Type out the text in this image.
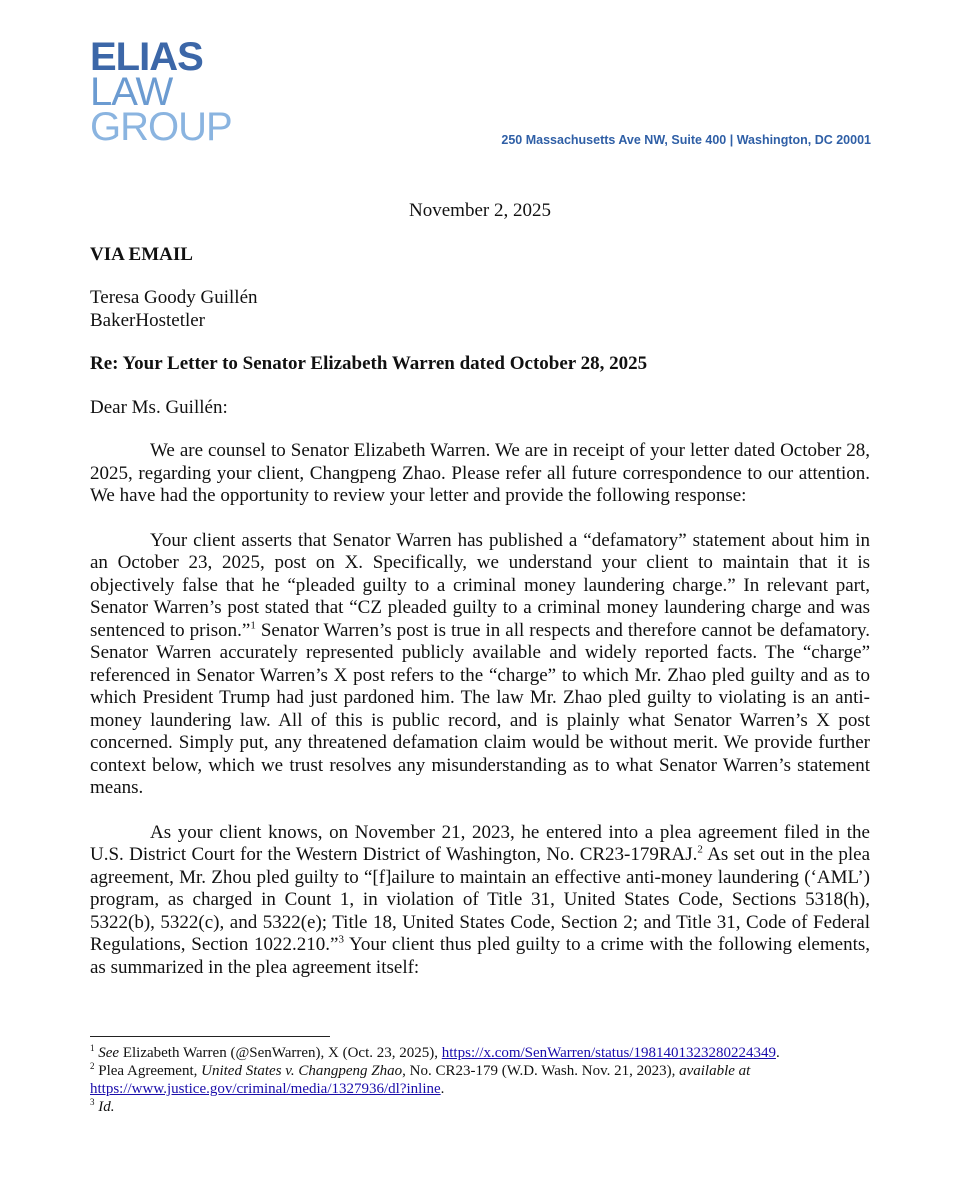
ELIAS
LAW
GROUP	250 Massachusetts Ave NW, Suite 400 | Washington, DC 20001

November 2, 2025

VIA EMAIL

Teresa Goody Guillén

BakerHostetler

Re: Your Letter to Senator Elizabeth Warren dated October 28, 2025

Dear Ms. Guillén:

We are counsel to Senator Elizabeth Warren. We are in receipt of your letter dated October 28, 2025, regarding your client, Changpeng Zhao. Please refer all future correspondence to our attention. We have had the opportunity to review your letter and provide the following response:

Your client asserts that Senator Warren has published a “defamatory” statement about him in an October 23, 2025, post on X. Specifically, we understand your client to maintain that it is objectively false that he “pleaded guilty to a criminal money laundering charge.” In relevant part, Senator Warren’s post stated that “CZ pleaded guilty to a criminal money laundering charge and was sentenced to prison.”$^1$ Senator Warren’s post is true in all respects and therefore cannot be defamatory. Senator Warren accurately represented publicly available and widely reported facts. The “charge” referenced in Senator Warren’s X post refers to the “charge” to which Mr. Zhao pled guilty and as to which President Trump had just pardoned him. The law Mr. Zhao pled guilty to violating is an anti-money laundering law. All of this is public record, and is plainly what Senator Warren’s X post concerned. Simply put, any threatened defamation claim would be without merit. We provide further context below, which we trust resolves any misunderstanding as to what Senator Warren’s statement means.

As your client knows, on November 21, 2023, he entered into a plea agreement filed in the U.S. District Court for the Western District of Washington, No. CR23-179RAJ.$^2$ As set out in the plea agreement, Mr. Zhou pled guilty to “[f]ailure to maintain an effective anti-money laundering (‘AML’) program, as charged in Count 1, in violation of Title 31, United States Code, Sections 5318(h), 5322(b), 5322(c), and 5322(e); Title 18, United States Code, Section 2; and Title 31, Code of Federal Regulations, Section 1022.210.”$^3$ Your client thus pled guilty to a crime with the following elements, as summarized in the plea agreement itself:

$^1$ See Elizabeth Warren (@SenWarren), X (Oct. 23, 2025), https://x.com/SenWarren/status/1981401323280224349.

$^2$ Plea Agreement, United States v. Changpeng Zhao, No. CR23-179 (W.D. Wash. Nov. 21, 2023), available at
https://www.justice.gov/criminal/media/1327936/dl?inline.

$^3$ Id.
